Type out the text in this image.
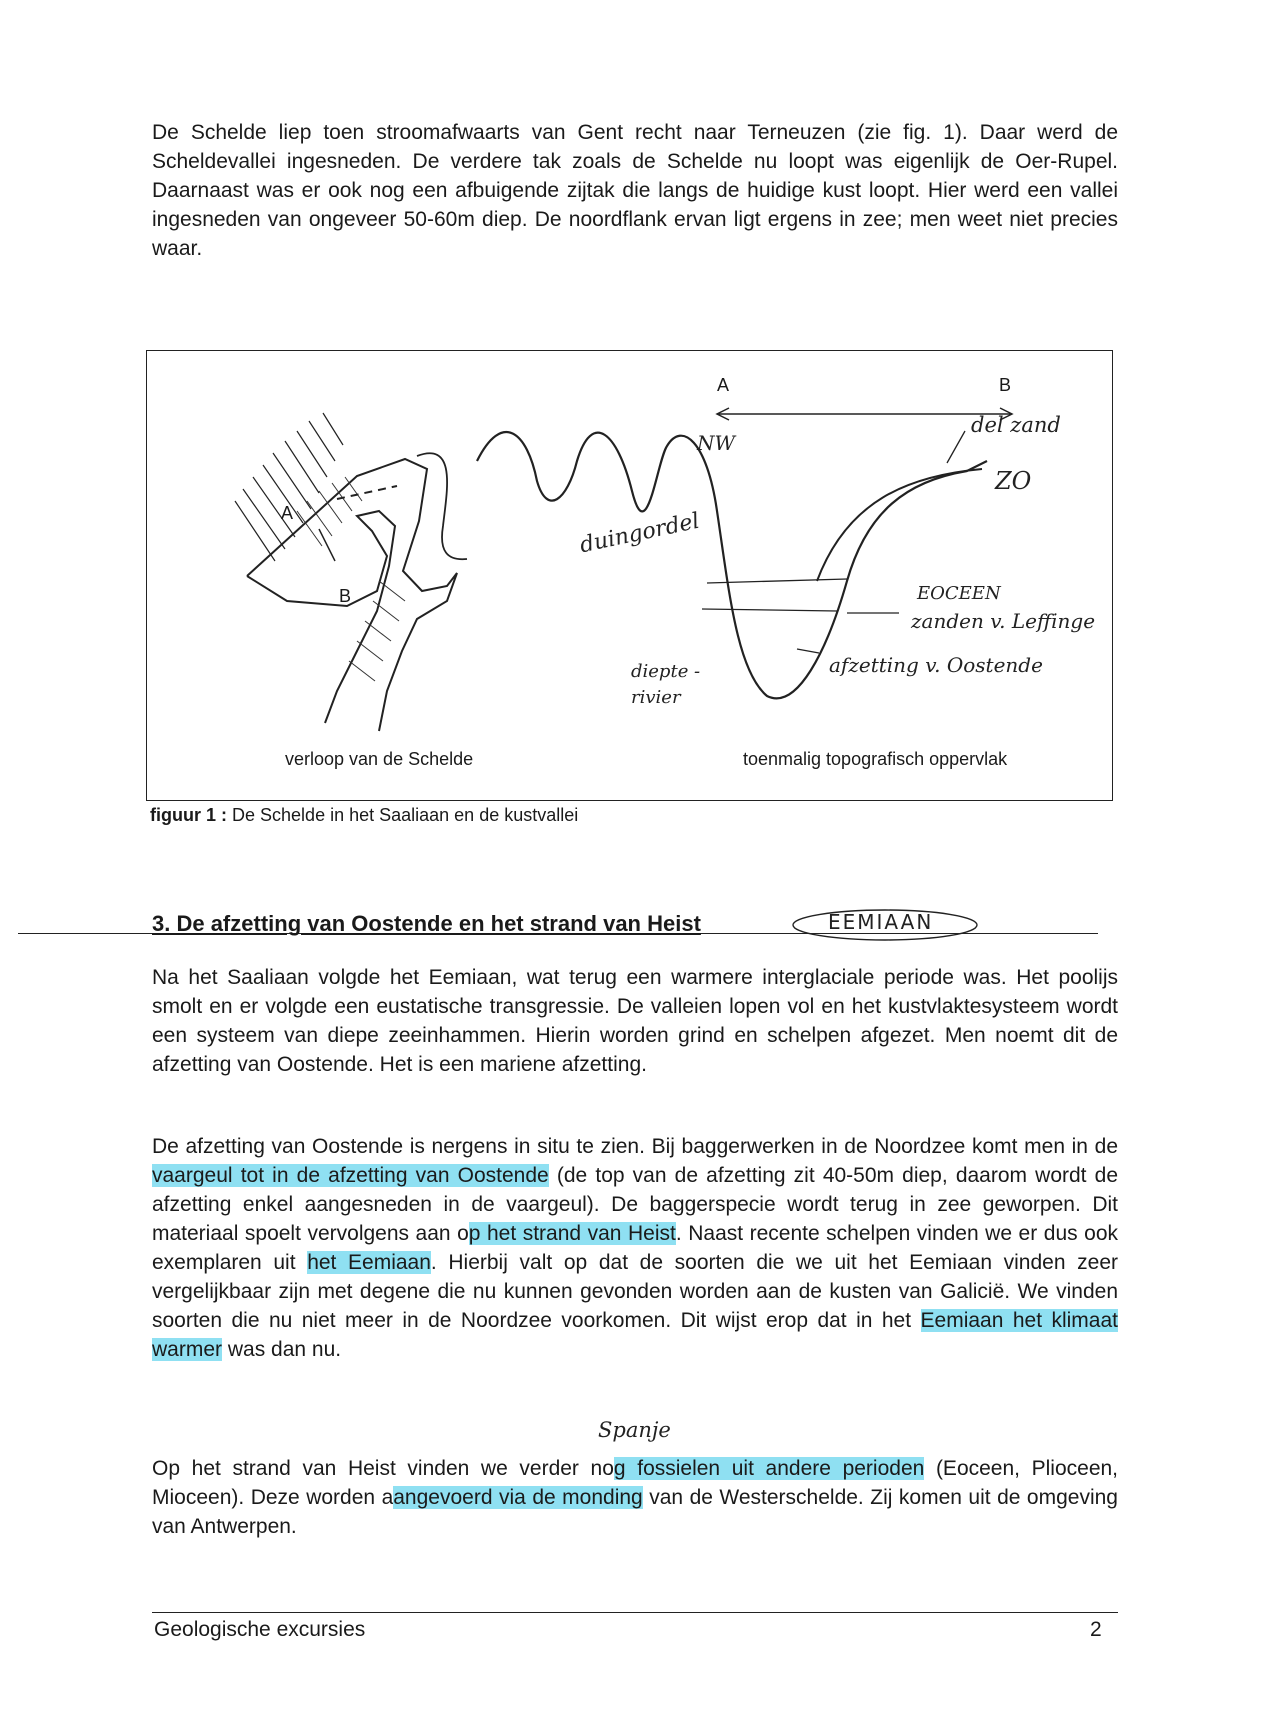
De Schelde liep toen stroomafwaarts van Gent recht naar Terneuzen (zie fig. 1). Daar werd de Scheldevallei ingesneden. De verdere tak zoals de Schelde nu loopt was eigenlijk de Oer-Rupel. Daarnaast was er ook nog een afbuigende zijtak die langs de huidige kust loopt. Hier werd een vallei ingesneden van ongeveer 50-60m diep. De noordflank ervan ligt ergens in zee; men weet niet precies waar.

A	B
A
B
verloop van de Schelde	toenmalig topografisch oppervlak
NW
ZO
del zand
duingordel
EOCEEN
zanden v. Leffinge
afzetting v. Oostende
diepte - rivier
figuur 1 : De Schelde in het Saaliaan en de kustvallei
3. De afzetting van Oostende en het strand van Heist	EEMIAAN

Na het Saaliaan volgde het Eemiaan, wat terug een warmere interglaciale periode was. Het poolijs smolt en er volgde een eustatische transgressie. De valleien lopen vol en het kustvlaktesysteem wordt een systeem van diepe zeeinhammen. Hierin worden grind en schelpen afgezet. Men noemt dit de afzetting van Oostende. Het is een mariene afzetting.

De afzetting van Oostende is nergens in situ te zien. Bij baggerwerken in de Noordzee komt men in de vaargeul tot in de afzetting van Oostende (de top van de afzetting zit 40-50m diep, daarom wordt de afzetting enkel aangesneden in de vaargeul). De baggerspecie wordt terug in zee geworpen. Dit materiaal spoelt vervolgens aan op het strand van Heist. Naast recente schelpen vinden we er dus ook exemplaren uit het Eemiaan. Hierbij valt op dat de soorten die we uit het Eemiaan vinden zeer vergelijkbaar zijn met degene die nu kunnen gevonden worden aan de kusten van Galicië. We vinden soorten die nu niet meer in de Noordzee voorkomen. Dit wijst erop dat in het Eemiaan het klimaat warmer was dan nu.

Spanje

Op het strand van Heist vinden we verder nog fossielen uit andere perioden (Eoceen, Plioceen, Mioceen). Deze worden aangevoerd via de monding van de Westerschelde. Zij komen uit de omgeving van Antwerpen.

Geologische excursies	2
